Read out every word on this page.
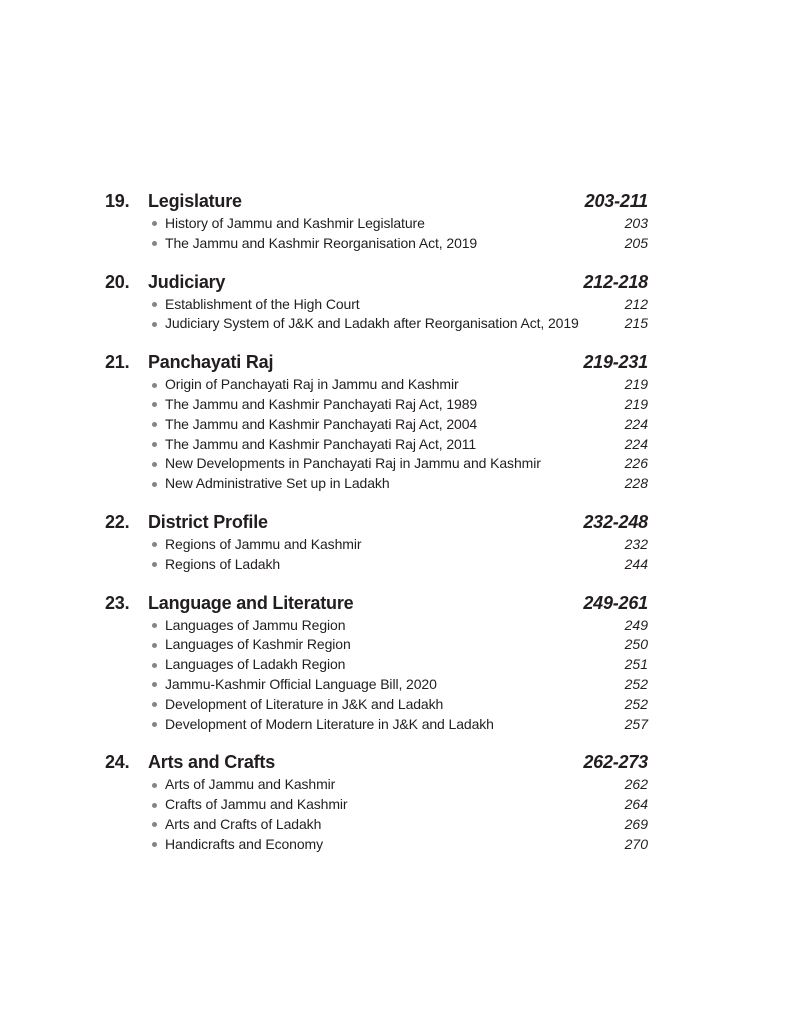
19.	Legislature	203-211
History of Jammu and Kashmir Legislature	203
The Jammu and Kashmir Reorganisation Act, 2019	205
20.	Judiciary	212-218
Establishment of the High Court	212
Judiciary System of J&K and Ladakh after Reorganisation Act, 2019	215
21.	Panchayati Raj	219-231
Origin of Panchayati Raj in Jammu and Kashmir	219
The Jammu and Kashmir Panchayati Raj Act, 1989	219
The Jammu and Kashmir Panchayati Raj Act, 2004	224
The Jammu and Kashmir Panchayati Raj Act, 2011	224
New Developments in Panchayati Raj in Jammu and Kashmir	226
New Administrative Set up in Ladakh	228
22.	District Profile	232-248
Regions of Jammu and Kashmir	232
Regions of Ladakh	244
23.	Language and Literature	249-261
Languages of Jammu Region	249
Languages of Kashmir Region	250
Languages of Ladakh Region	251
Jammu-Kashmir Official Language Bill, 2020	252
Development of Literature in J&K and Ladakh	252
Development of Modern Literature in J&K and Ladakh	257
24.	Arts and Crafts	262-273
Arts of Jammu and Kashmir	262
Crafts of Jammu and Kashmir	264
Arts and Crafts of Ladakh	269
Handicrafts and Economy	270
